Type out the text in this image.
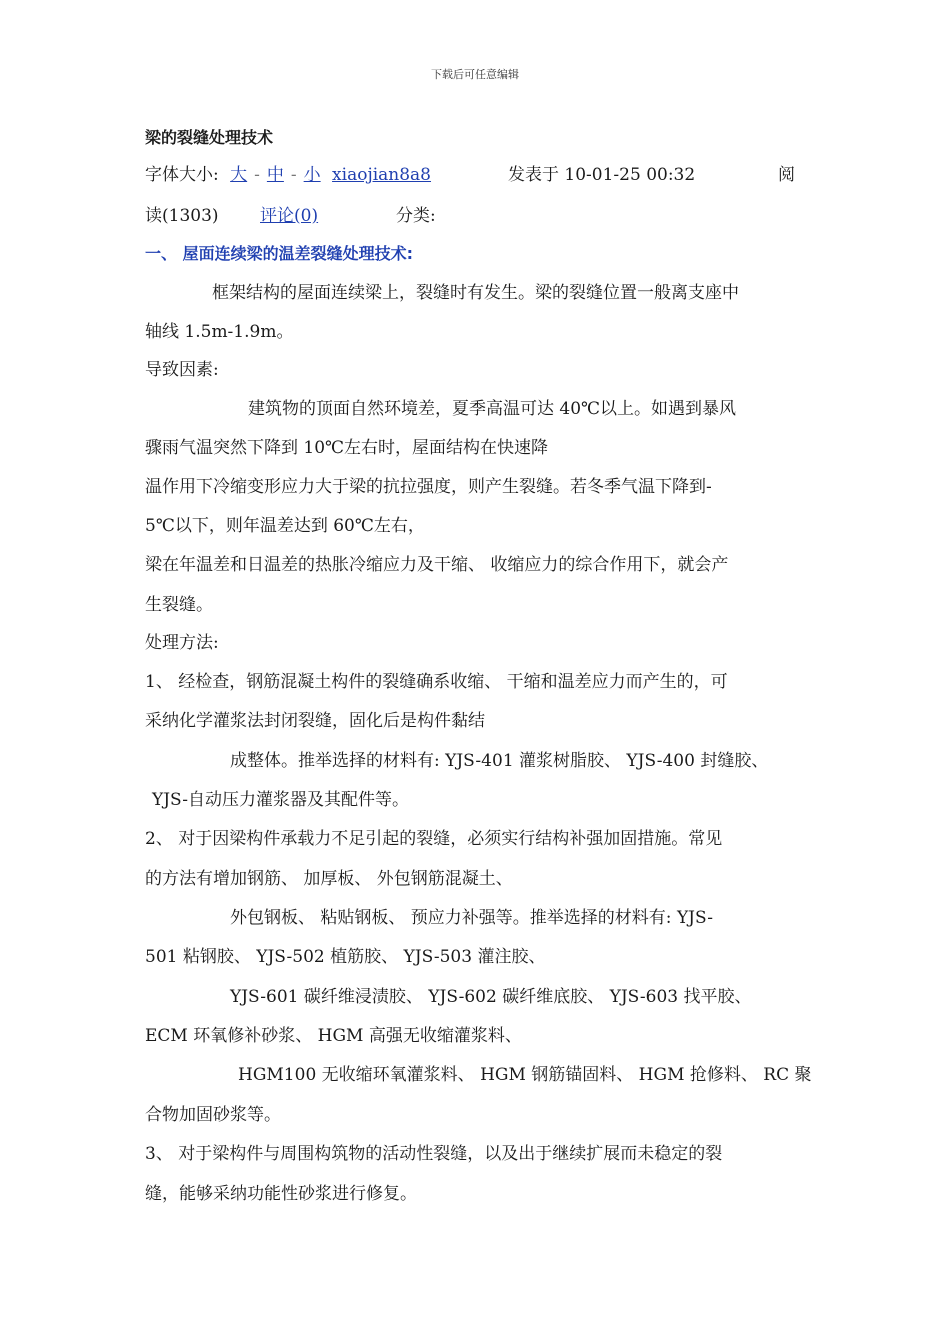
下载后可任意编辑
梁的裂缝处理技术
字体大小: 大 - 中 - 小 xiaojian8a8	发表于 10-01-25 00:32	阅
读(1303) 评论(0)	分类:
一、 屋面连续梁的温差裂缝处理技术:
框架结构的屋面连续梁上，裂缝时有发生。梁的裂缝位置一般离支座中
轴线 1.5m-1.9m。
导致因素:
建筑物的顶面自然环境差，夏季高温可达 40℃以上。如遇到暴风
骤雨气温突然下降到 10℃左右时，屋面结构在快速降
温作用下冷缩变形应力大于梁的抗拉强度，则产生裂缝。若冬季气温下降到-
5℃以下，则年温差达到 60℃左右，
梁在年温差和日温差的热胀冷缩应力及干缩、 收缩应力的综合作用下，就会产
生裂缝。
处理方法:
1、 经检查，钢筋混凝土构件的裂缝确系收缩、 干缩和温差应力而产生的，可
采纳化学灌浆法封闭裂缝，固化后是构件黏结
成整体。推举选择的材料有: YJS-401 灌浆树脂胶、 YJS-400 封缝胶、
YJS-自动压力灌浆器及其配件等。
2、 对于因梁构件承载力不足引起的裂缝，必须实行结构补强加固措施。常见
的方法有增加钢筋、 加厚板、 外包钢筋混凝土、
外包钢板、 粘贴钢板、 预应力补强等。推举选择的材料有: YJS-
501 粘钢胶、 YJS-502 植筋胶、 YJS-503 灌注胶、
YJS-601 碳纤维浸渍胶、 YJS-602 碳纤维底胶、 YJS-603 找平胶、
ECM 环氧修补砂浆、 HGM 高强无收缩灌浆料、
HGM100 无收缩环氧灌浆料、 HGM 钢筋锚固料、 HGM 抢修料、 RC 聚
合物加固砂浆等。
3、 对于梁构件与周围构筑物的活动性裂缝，以及出于继续扩展而未稳定的裂
缝，能够采纳功能性砂浆进行修复。
